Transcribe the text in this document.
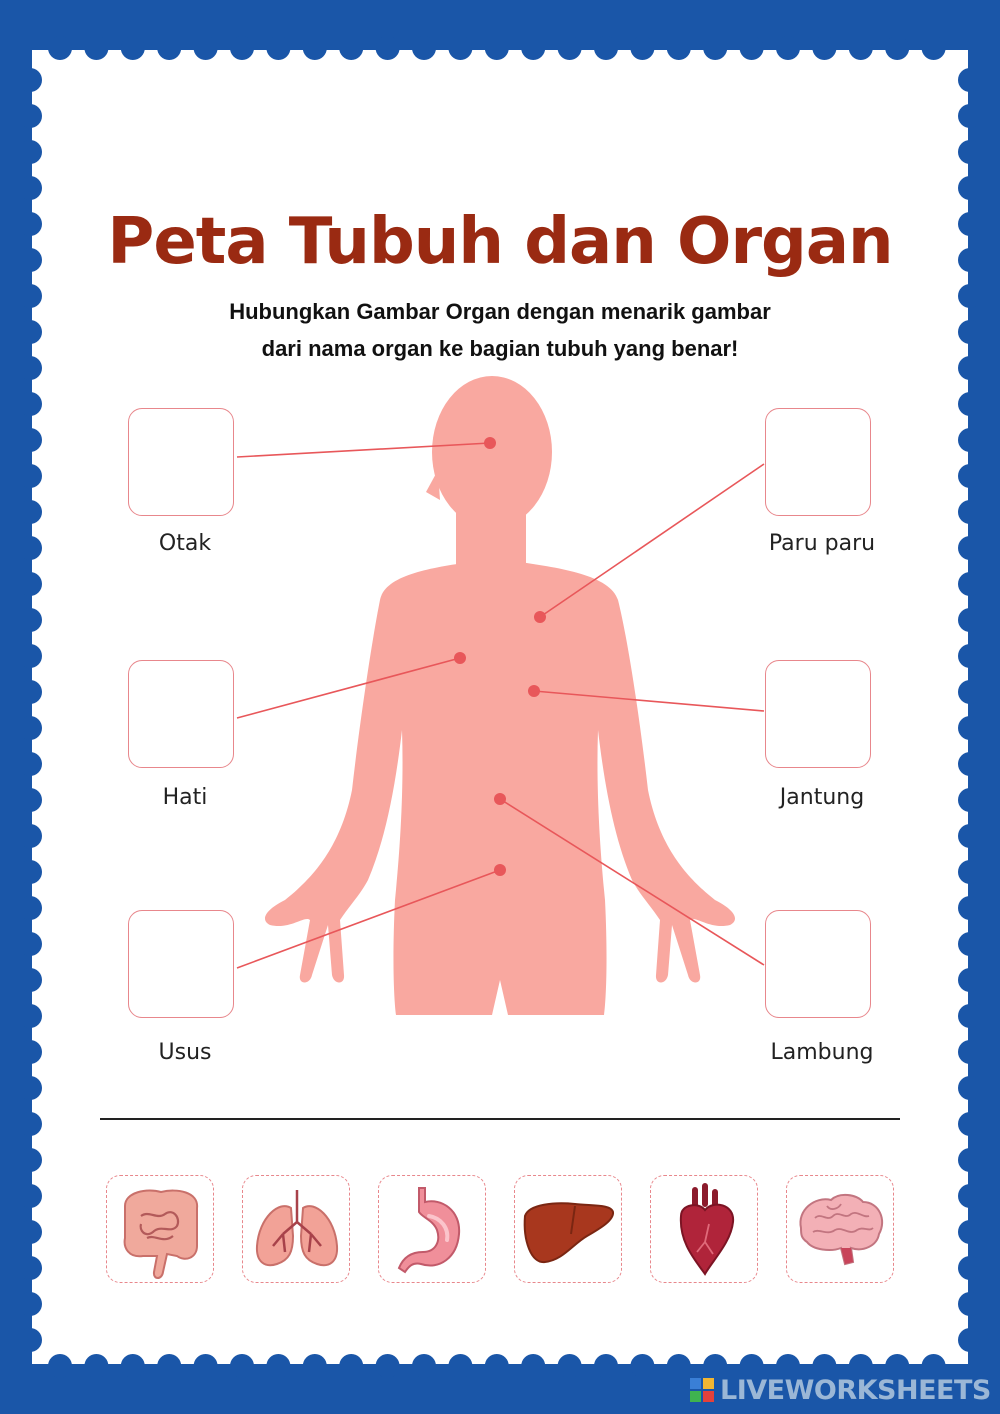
Peta Tubuh dan Organ
Hubungkan Gambar Organ dengan menarik gambar
dari nama organ ke bagian tubuh yang benar!
Otak	Paru paru
Hati	Jantung
Usus	Lambung
LIVEWORKSHEETS
